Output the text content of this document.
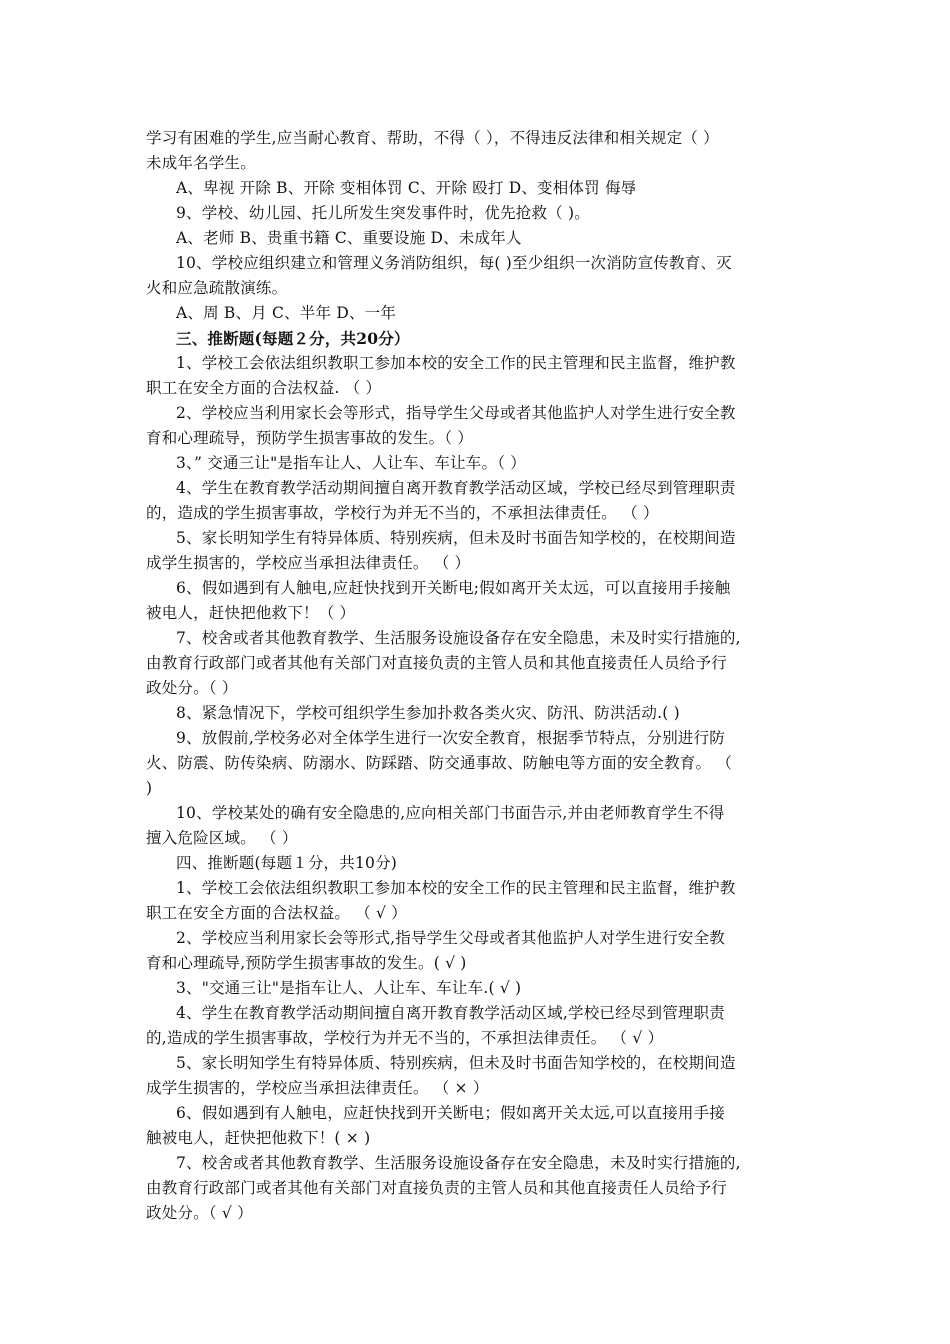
学习有困难的学生,应当耐心教育、帮助，不得（ ），不得违反法律和相关规定（ ）
未成年名学生。
A、卑视 开除 B、开除 变相体罚 C、开除 殴打 D、变相体罚 侮辱
9、学校、幼儿园、托儿所发生突发事件时，优先抢救（ )。
A、老师 B、贵重书籍 C、重要设施 D、未成年人
10、学校应组织建立和管理义务消防组织，每( )至少组织一次消防宣传教育、灭
火和应急疏散演练。
A、周 B、月 C、半年 D、一年
三、推断题(每题２分，共20分）
1、学校工会依法组织教职工参加本校的安全工作的民主管理和民主监督，维护教
职工在安全方面的合法权益. （ ）
2、学校应当利用家长会等形式，指导学生父母或者其他监护人对学生进行安全教
育和心理疏导，预防学生损害事故的发生。（ ）
3、” 交通三让"是指车让人、人让车、车让车。（ ）
4、学生在教育教学活动期间擅自离开教育教学活动区域，学校已经尽到管理职责
的，造成的学生损害事故，学校行为并无不当的，不承担法律责任。 （ ）
5、家长明知学生有特异体质、特别疾病，但未及时书面告知学校的，在校期间造
成学生损害的，学校应当承担法律责任。 （ ）
6、假如遇到有人触电,应赶快找到开关断电;假如离开关太远，可以直接用手接触
被电人，赶快把他救下！（ ）
7、校舍或者其他教育教学、生活服务设施设备存在安全隐患，未及时实行措施的,
由教育行政部门或者其他有关部门对直接负责的主管人员和其他直接责任人员给予行
政处分。（ ）
8、紧急情况下，学校可组织学生参加扑救各类火灾、防汛、防洪活动.( )
9、放假前,学校务必对全体学生进行一次安全教育，根据季节特点，分别进行防
火、防震、防传染病、防溺水、防踩踏、防交通事故、防触电等方面的安全教育。 （
)
10、学校某处的确有安全隐患的,应向相关部门书面告示,并由老师教育学生不得
擅入危险区域。 （ ）
四、推断题(每题１分，共10分)
1、学校工会依法组织教职工参加本校的安全工作的民主管理和民主监督，维护教
职工在安全方面的合法权益。 （ √ ）
2、学校应当利用家长会等形式,指导学生父母或者其他监护人对学生进行安全教
育和心理疏导,预防学生损害事故的发生。( √ )
3、"交通三让"是指车让人、人让车、车让车.( √ )
4、学生在教育教学活动期间擅自离开教育教学活动区域,学校已经尽到管理职责
的,造成的学生损害事故，学校行为并无不当的，不承担法律责任。 （ √ ）
5、家长明知学生有特异体质、特别疾病，但未及时书面告知学校的，在校期间造
成学生损害的，学校应当承担法律责任。 （ × ）
6、假如遇到有人触电，应赶快找到开关断电；假如离开关太远,可以直接用手接
触被电人，赶快把他救下！( × )
7、校舍或者其他教育教学、生活服务设施设备存在安全隐患，未及时实行措施的,
由教育行政部门或者其他有关部门对直接负责的主管人员和其他直接责任人员给予行
政处分。（ √ ）
